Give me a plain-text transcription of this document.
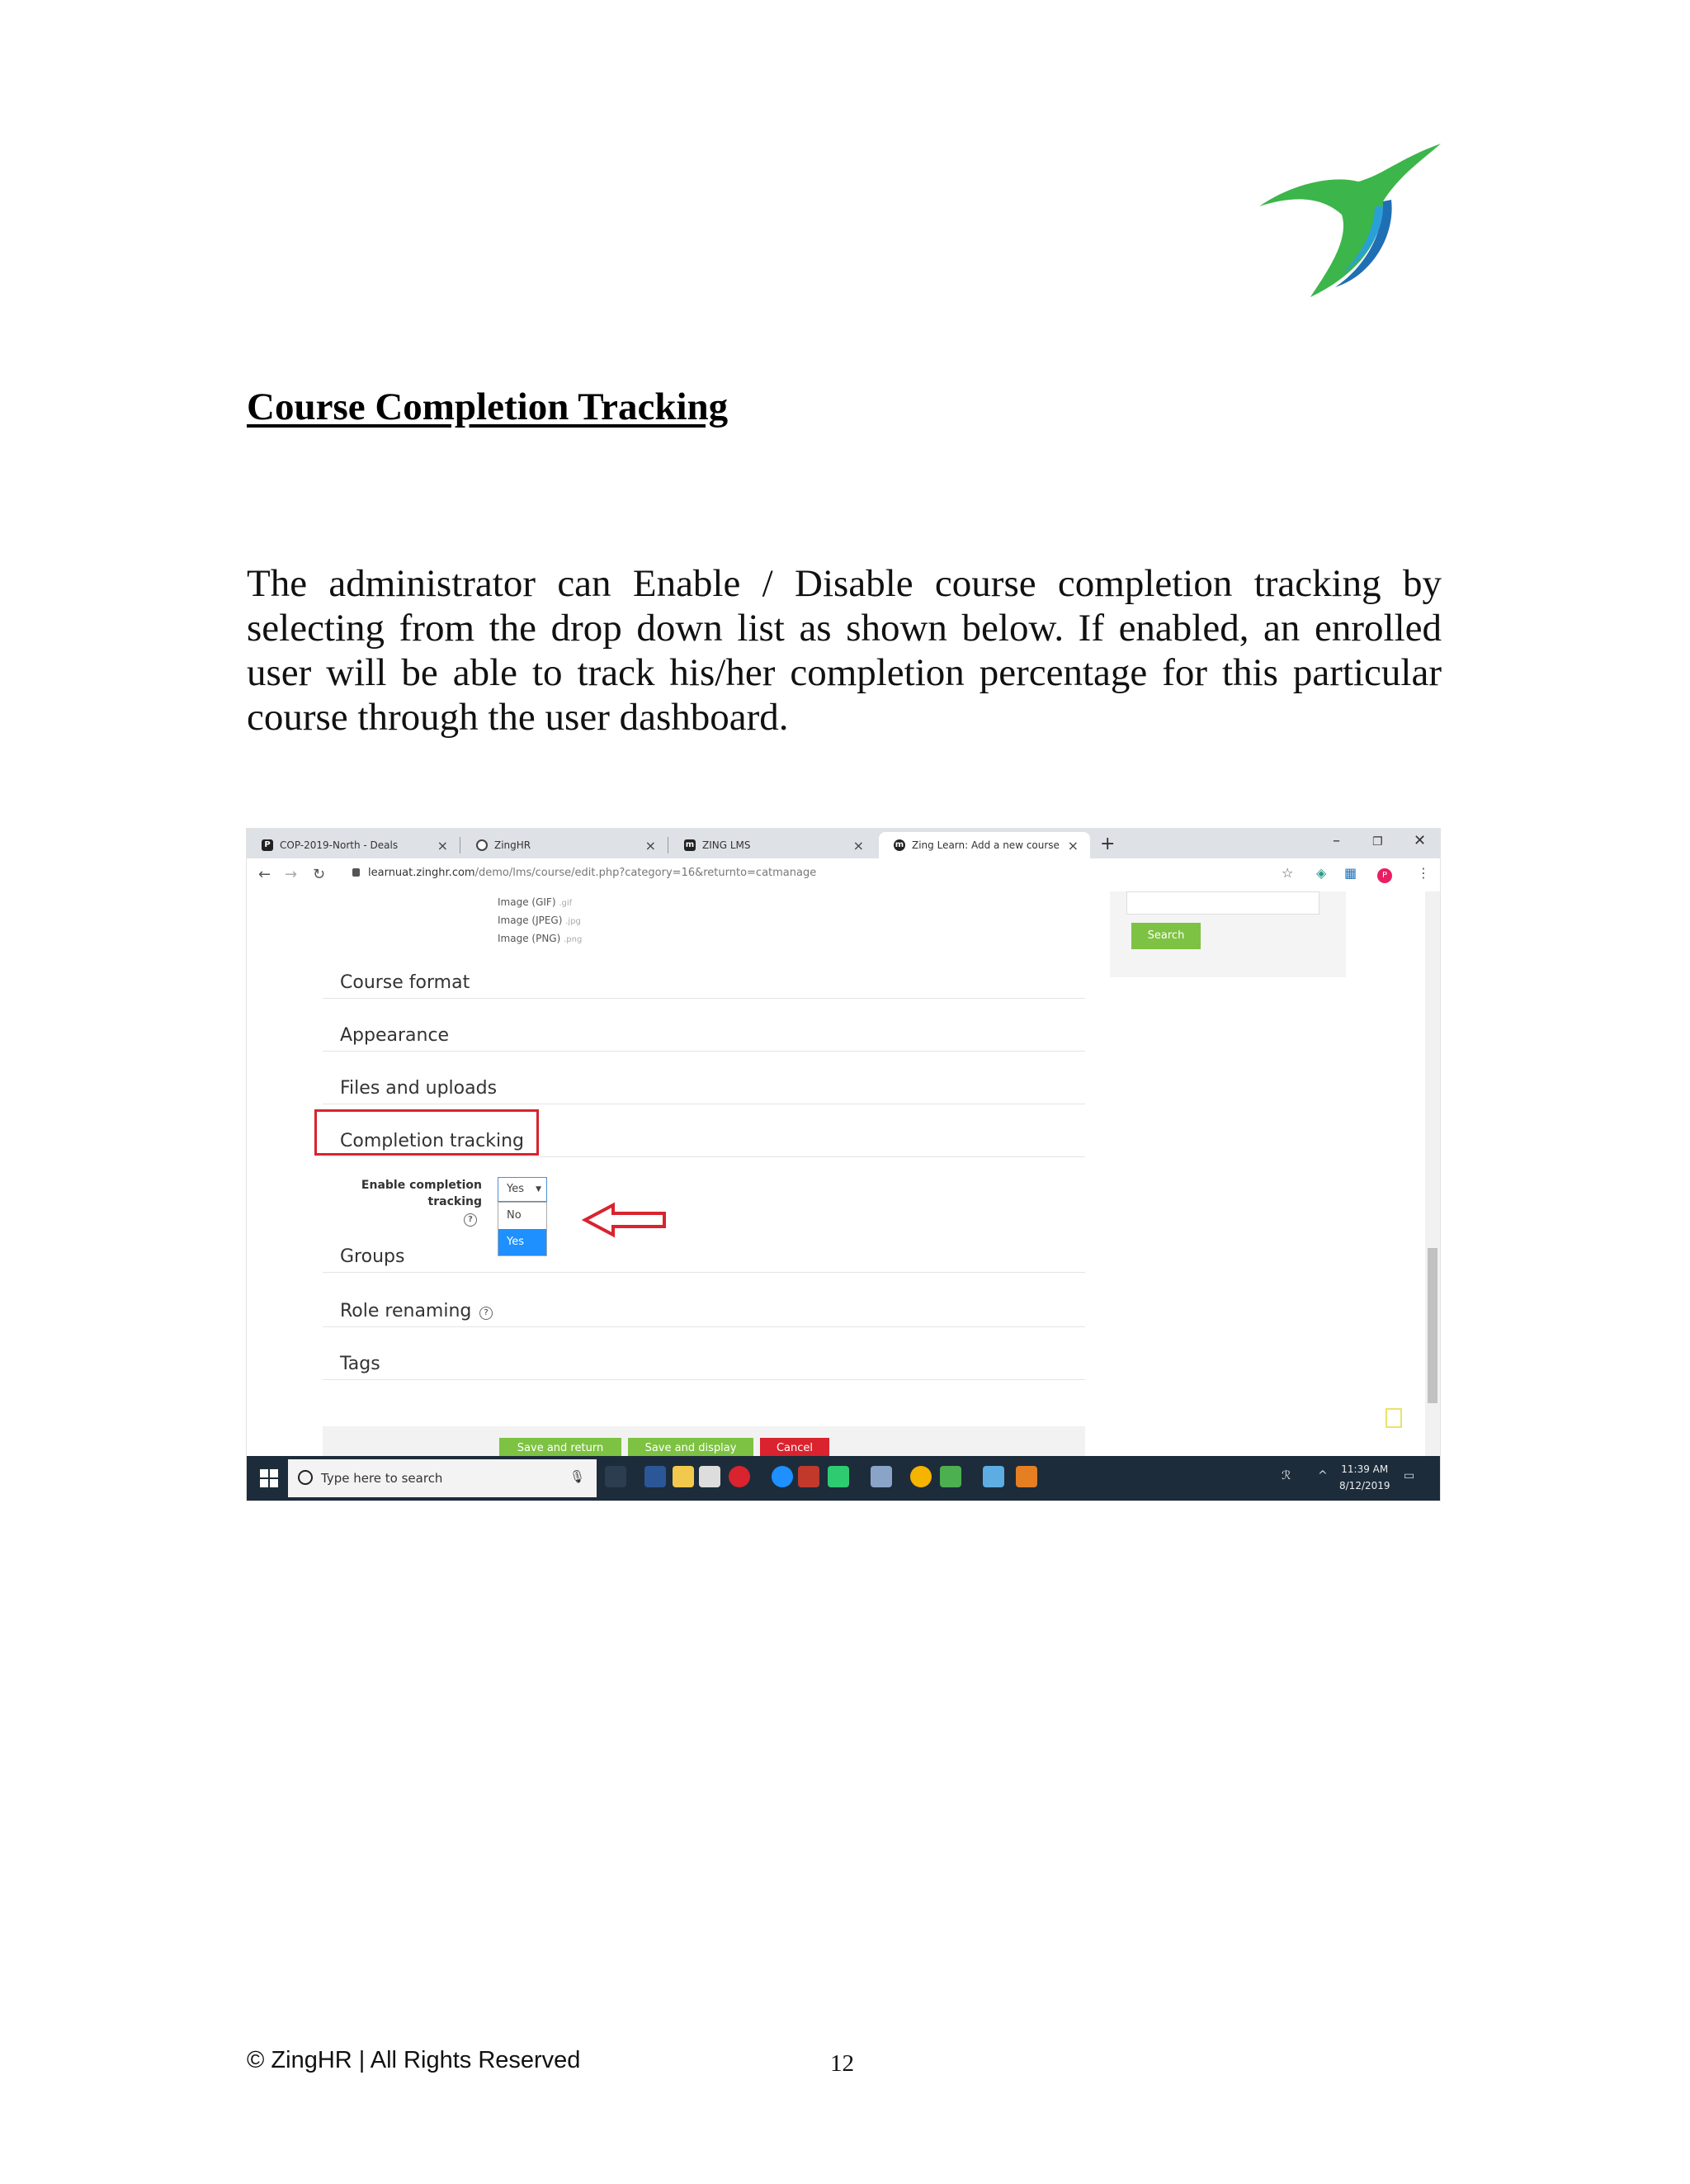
Course Completion Tracking

The administrator can Enable / Disable course completion tracking by selecting from the drop down list as shown below. If enabled, an enrolled user will be able to track his/her completion percentage for this particular course through the user dashboard.

P COP-2019-North - Deals	×	ZingHR	×	m ZING LMS	×	m Zing Learn: Add a new course × +	–	❐ ✕
← → ↻	learnuat.zinghr.com/demo/lms/course/edit.php?category=16&returnto=catmanage	☆ ◈ ▦	P	⋮
Image (GIF) .gif
Image (JPEG) .jpg
Image (PNG) .png
Course format
Appearance
Files and uploads
Completion tracking
Enable completion
tracking
?
Yes ▼
No
Yes
Groups
Role renaming	?
Tags
Save and return	Save and display	Cancel
Search
Type here to search	🎙	ℛ ^ 11:39 AM
8/12/2019
▭
© ZingHR | All Rights Reserved	12
